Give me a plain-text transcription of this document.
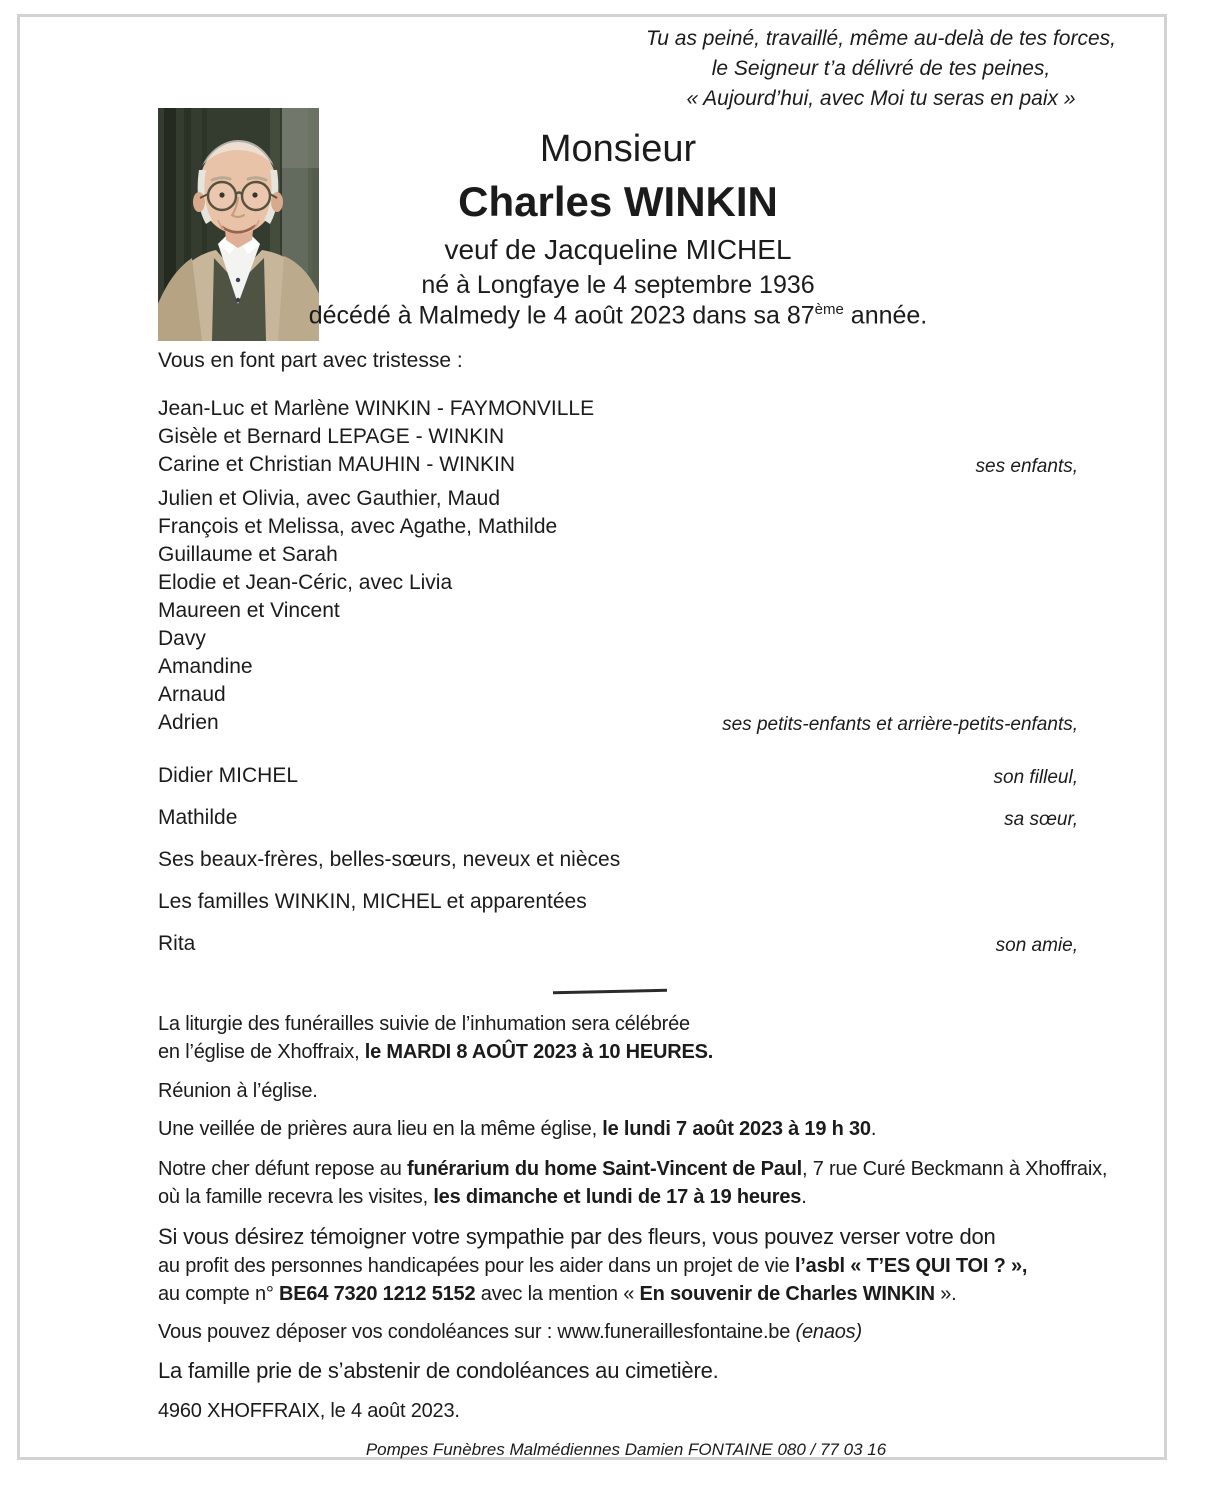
Tu as peiné, travaillé, même au-delà de tes forces,
le Seigneur t’a délivré de tes peines,
« Aujourd’hui, avec Moi tu seras en paix »
Monsieur
Charles WINKIN
veuf de Jacqueline MICHEL
né à Longfaye le 4 septembre 1936
décédé à Malmedy le 4 août 2023 dans sa 87ème année.
Vous en font part avec tristesse :
Jean-Luc et Marlène WINKIN - FAYMONVILLE
Gisèle et Bernard LEPAGE - WINKIN
Carine et Christian MAUHIN - WINKIN	ses enfants,
Julien et Olivia, avec Gauthier, Maud
François et Melissa, avec Agathe, Mathilde
Guillaume et Sarah
Elodie et Jean-Céric, avec Livia
Maureen et Vincent
Davy
Amandine
Arnaud
Adrien	ses petits-enfants et arrière-petits-enfants,
Didier MICHEL	son filleul,
Mathilde	sa sœur,
Ses beaux-frères, belles-sœurs, neveux et nièces
Les familles WINKIN, MICHEL et apparentées
Rita	son amie,
La liturgie des funérailles suivie de l’inhumation sera célébrée
en l’église de Xhoffraix, le MARDI 8 AOÛT 2023 à 10 HEURES.
Réunion à l’église.
Une veillée de prières aura lieu en la même église, le lundi 7 août 2023 à 19 h 30.
Notre cher défunt repose au funérarium du home Saint-Vincent de Paul, 7 rue Curé Beckmann à Xhoffraix,
où la famille recevra les visites, les dimanche et lundi de 17 à 19 heures.
Si vous désirez témoigner votre sympathie par des fleurs, vous pouvez verser votre don
au profit des personnes handicapées pour les aider dans un projet de vie l’asbl « T’ES QUI TOI ? »,
au compte n° BE64 7320 1212 5152 avec la mention « En souvenir de Charles WINKIN ».
Vous pouvez déposer vos condoléances sur : www.funeraillesfontaine.be (enaos)
La famille prie de s’abstenir de condoléances au cimetière.
4960 XHOFFRAIX, le 4 août 2023.
Pompes Funèbres Malmédiennes Damien FONTAINE 080 / 77 03 16
